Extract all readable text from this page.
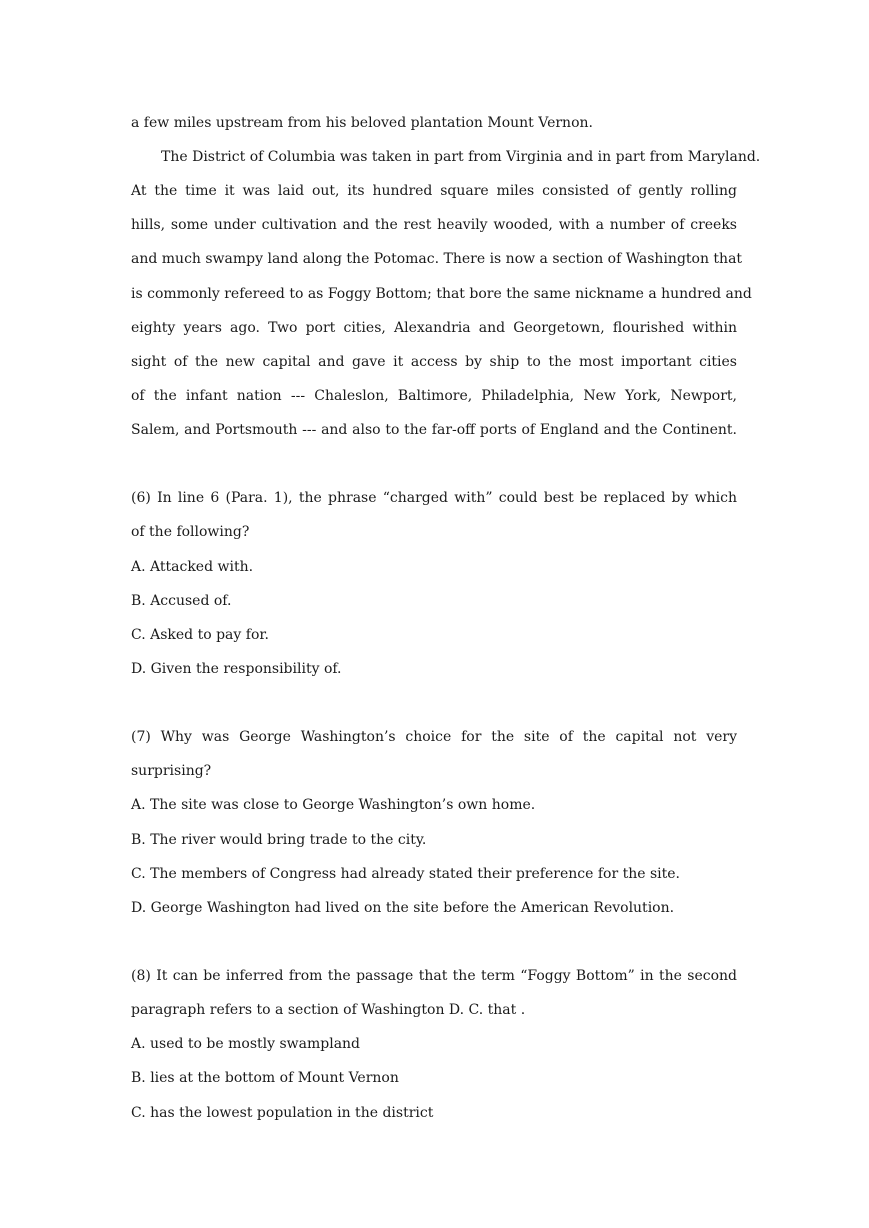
a few miles upstream from his beloved plantation Mount Vernon.
The District of Columbia was taken in part from Virginia and in part from Maryland.
At the time it was laid out, its hundred square miles consisted of gently rolling
hills, some under cultivation and the rest heavily wooded, with a number of creeks
and much swampy land along the Potomac. There is now a section of Washington that
is commonly refereed to as Foggy Bottom; that bore the same nickname a hundred and
eighty years ago. Two port cities, Alexandria and Georgetown, flourished within
sight of the new capital and gave it access by ship to the most important cities
of the infant nation --- Chaleslon, Baltimore, Philadelphia, New York, Newport,
Salem, and Portsmouth --- and also to the far-off ports of England and the Continent.
(6) In line 6 (Para. 1), the phrase “charged with” could best be replaced by which
of the following?
A. Attacked with.
B. Accused of.
C. Asked to pay for.
D. Given the responsibility of.
(7) Why was George Washington’s choice for the site of the capital not very
surprising?
A. The site was close to George Washington’s own home.
B. The river would bring trade to the city.
C. The members of Congress had already stated their preference for the site.
D. George Washington had lived on the site before the American Revolution.
(8) It can be inferred from the passage that the term “Foggy Bottom” in the second
paragraph refers to a section of Washington D. C. that .
A. used to be mostly swampland
B. lies at the bottom of Mount Vernon
C. has the lowest population in the district
